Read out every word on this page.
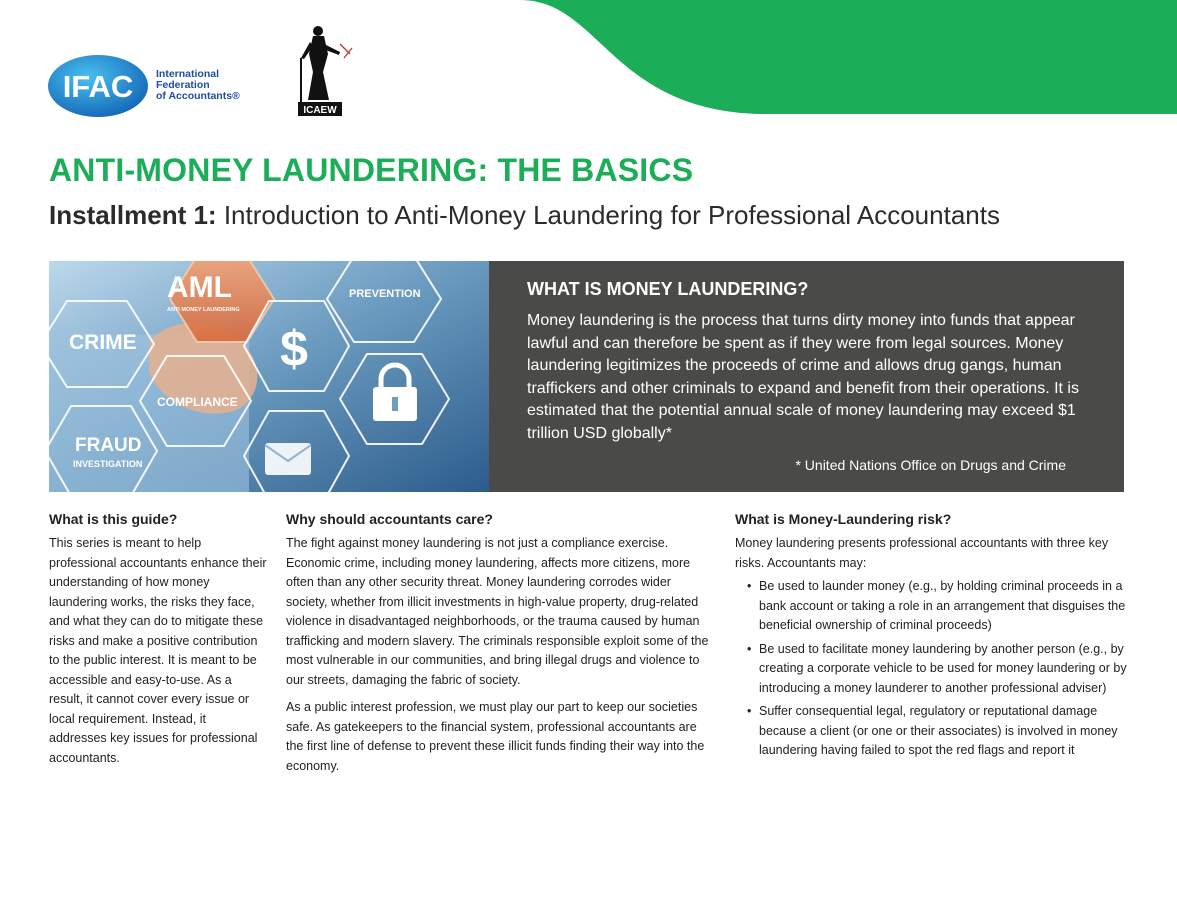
IFAC International
Federation
of Accountants®
ICAEW
ANTI-MONEY LAUNDERING: THE BASICS
Installment 1: Introduction to Anti-Money Laundering for Professional Accountants
$
AML
ANTI MONEY LAUNDERING
PREVENTION
CRIME
COMPLIANCE
FRAUD
INVESTIGATION
WHAT IS MONEY LAUNDERING?

Money laundering is the process that turns dirty money into funds that appear lawful and can therefore be spent as if they were from legal sources. Money laundering legitimizes the proceeds of crime and allows drug gangs, human traffickers and other criminals to expand and benefit from their operations. It is estimated that the potential annual scale of money laundering may exceed $1 trillion USD globally*

* United Nations Office on Drugs and Crime

What is this guide?

This series is meant to help professional accountants enhance their understanding of how money laundering works, the risks they face, and what they can do to mitigate these risks and make a positive contribution to the public interest. It is meant to be accessible and easy-to-use. As a result, it cannot cover every issue or local requirement. Instead, it addresses key issues for professional accountants.

Why should accountants care?

The fight against money laundering is not just a compliance exercise. Economic crime, including money laundering, affects more citizens, more often than any other security threat. Money laundering corrodes wider society, whether from illicit investments in high-value property, drug-related violence in disadvantaged neighborhoods, or the trauma caused by human trafficking and modern slavery. The criminals responsible exploit some of the most vulnerable in our communities, and bring illegal drugs and violence to our streets, damaging the fabric of society.

As a public interest profession, we must play our part to keep our societies safe. As gatekeepers to the financial system, professional accountants are the first line of defense to prevent these illicit funds finding their way into the economy.

What is Money-Laundering risk?

Money laundering presents professional accountants with three key risks. Accountants may:

• Be used to launder money (e.g., by holding criminal proceeds in a bank account or taking a role in an arrangement that disguises the beneficial ownership of criminal proceeds)
• Be used to facilitate money laundering by another person (e.g., by creating a corporate vehicle to be used for money laundering or by introducing a money launderer to another professional adviser)
• Suffer consequential legal, regulatory or reputational damage because a client (or one or their associates) is involved in money laundering having failed to spot the red flags and report it
